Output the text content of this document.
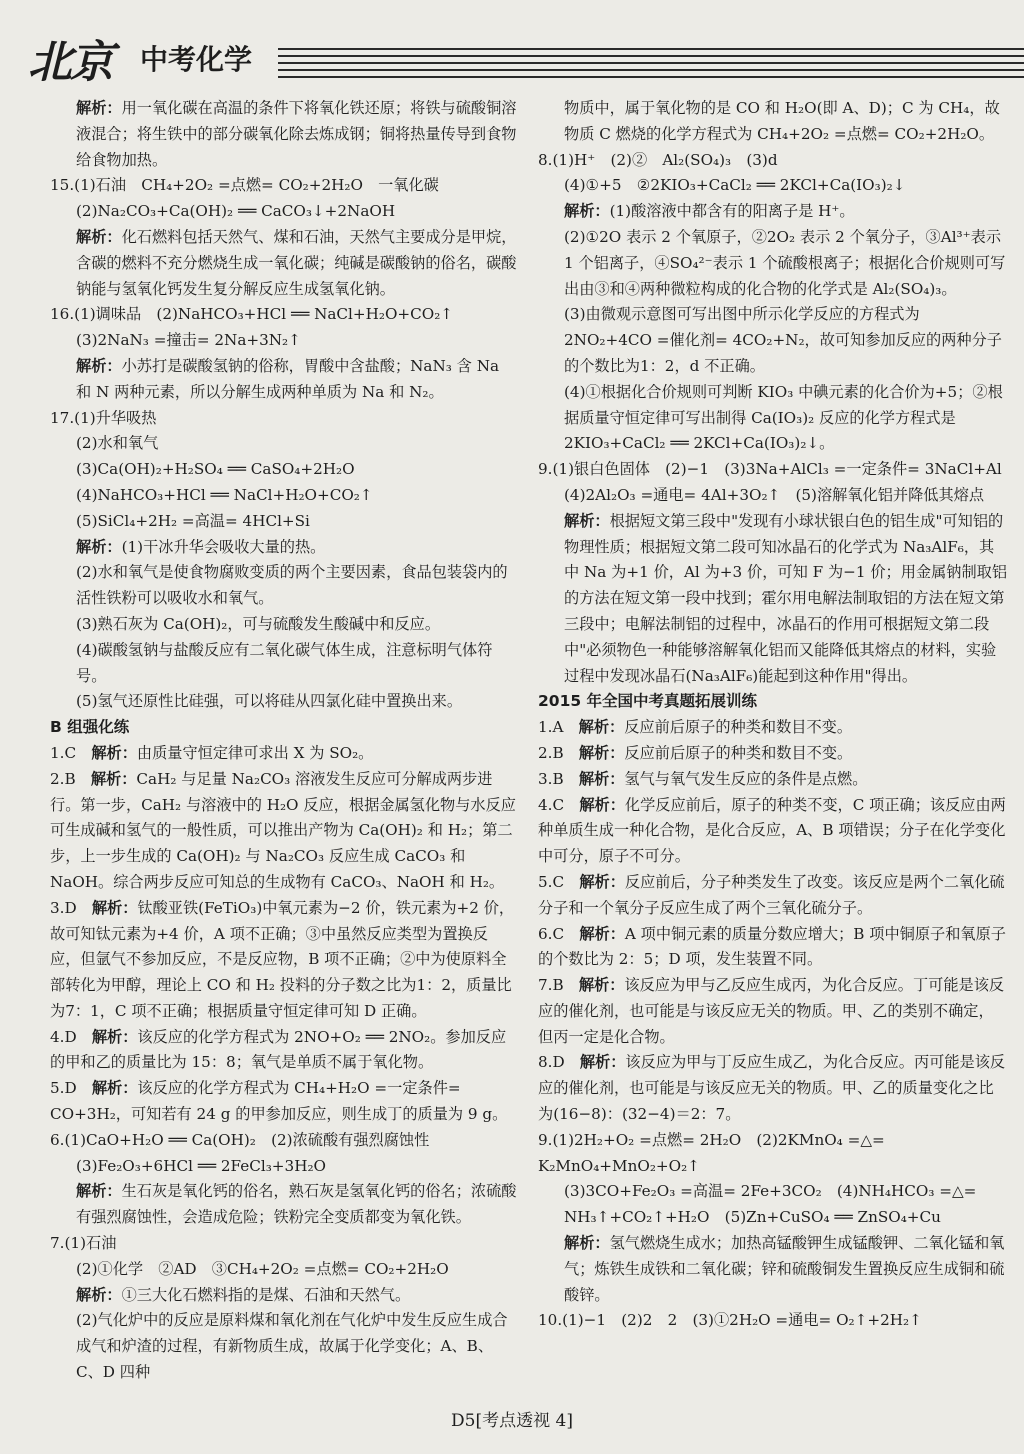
北京 中考化学

解析：用一氧化碳在高温的条件下将氧化铁还原；将铁与硫酸铜溶液混合；将生铁中的部分碳氧化除去炼成钢；铜将热量传导到食物给食物加热。

15.(1)石油　CH₄+2O₂ =点燃= CO₂+2H₂O　一氧化碳

(2)Na₂CO₃+Ca(OH)₂ ══ CaCO₃↓+2NaOH

解析：化石燃料包括天然气、煤和石油，天然气主要成分是甲烷，含碳的燃料不充分燃烧生成一氧化碳；纯碱是碳酸钠的俗名，碳酸钠能与氢氧化钙发生复分解反应生成氢氧化钠。

16.(1)调味品　(2)NaHCO₃+HCl ══ NaCl+H₂O+CO₂↑

(3)2NaN₃ =撞击= 2Na+3N₂↑

解析：小苏打是碳酸氢钠的俗称，胃酸中含盐酸；NaN₃ 含 Na 和 N 两种元素，所以分解生成两种单质为 Na 和 N₂。

17.(1)升华吸热

(2)水和氧气

(3)Ca(OH)₂+H₂SO₄ ══ CaSO₄+2H₂O

(4)NaHCO₃+HCl ══ NaCl+H₂O+CO₂↑

(5)SiCl₄+2H₂ =高温= 4HCl+Si

解析：(1)干冰升华会吸收大量的热。

(2)水和氧气是使食物腐败变质的两个主要因素，食品包装袋内的活性铁粉可以吸收水和氧气。

(3)熟石灰为 Ca(OH)₂，可与硫酸发生酸碱中和反应。

(4)碳酸氢钠与盐酸反应有二氧化碳气体生成，注意标明气体符号。

(5)氢气还原性比硅强，可以将硅从四氯化硅中置换出来。

B 组强化练

1.C　解析：由质量守恒定律可求出 X 为 SO₂。

2.B　解析：CaH₂ 与足量 Na₂CO₃ 溶液发生反应可分解成两步进行。第一步，CaH₂ 与溶液中的 H₂O 反应，根据金属氢化物与水反应可生成碱和氢气的一般性质，可以推出产物为 Ca(OH)₂ 和 H₂；第二步，上一步生成的 Ca(OH)₂ 与 Na₂CO₃ 反应生成 CaCO₃ 和 NaOH。综合两步反应可知总的生成物有 CaCO₃、NaOH 和 H₂。

3.D　解析：钛酸亚铁(FeTiO₃)中氧元素为−2 价，铁元素为+2 价，故可知钛元素为+4 价，A 项不正确；③中虽然反应类型为置换反应，但氩气不参加反应，不是反应物，B 项不正确；②中为使原料全部转化为甲醇，理论上 CO 和 H₂ 投料的分子数之比为1：2，质量比为7：1，C 项不正确；根据质量守恒定律可知 D 正确。

4.D　解析：该反应的化学方程式为 2NO+O₂ ══ 2NO₂。参加反应的甲和乙的质量比为 15：8；氧气是单质不属于氧化物。

5.D　解析：该反应的化学方程式为 CH₄+H₂O =一定条件= CO+3H₂，可知若有 24 g 的甲参加反应，则生成丁的质量为 9 g。

6.(1)CaO+H₂O ══ Ca(OH)₂　(2)浓硫酸有强烈腐蚀性

(3)Fe₂O₃+6HCl ══ 2FeCl₃+3H₂O

解析：生石灰是氧化钙的俗名，熟石灰是氢氧化钙的俗名；浓硫酸有强烈腐蚀性，会造成危险；铁粉完全变质都变为氧化铁。

7.(1)石油

(2)①化学　②AD　③CH₄+2O₂ =点燃= CO₂+2H₂O

解析：①三大化石燃料指的是煤、石油和天然气。

(2)气化炉中的反应是原料煤和氧化剂在气化炉中发生反应生成合成气和炉渣的过程，有新物质生成，故属于化学变化；A、B、C、D 四种

物质中，属于氧化物的是 CO 和 H₂O(即 A、D)；C 为 CH₄，故物质 C 燃烧的化学方程式为 CH₄+2O₂ =点燃= CO₂+2H₂O。

8.(1)H⁺　(2)②　Al₂(SO₄)₃　(3)d

(4)①+5　②2KIO₃+CaCl₂ ══ 2KCl+Ca(IO₃)₂↓

解析：(1)酸溶液中都含有的阳离子是 H⁺。

(2)①2O 表示 2 个氧原子，②2O₂ 表示 2 个氧分子，③Al³⁺表示 1 个铝离子，④SO₄²⁻表示 1 个硫酸根离子；根据化合价规则可写出由③和④两种微粒构成的化合物的化学式是 Al₂(SO₄)₃。

(3)由微观示意图可写出图中所示化学反应的方程式为 2NO₂+4CO =催化剂= 4CO₂+N₂，故可知参加反应的两种分子的个数比为1：2，d 不正确。

(4)①根据化合价规则可判断 KIO₃ 中碘元素的化合价为+5；②根据质量守恒定律可写出制得 Ca(IO₃)₂ 反应的化学方程式是 2KIO₃+CaCl₂ ══ 2KCl+Ca(IO₃)₂↓。

9.(1)银白色固体　(2)−1　(3)3Na+AlCl₃ =一定条件= 3NaCl+Al

(4)2Al₂O₃ =通电= 4Al+3O₂↑　(5)溶解氧化铝并降低其熔点

解析：根据短文第三段中"发现有小球状银白色的铝生成"可知铝的物理性质；根据短文第二段可知冰晶石的化学式为 Na₃AlF₆，其中 Na 为+1 价，Al 为+3 价，可知 F 为−1 价；用金属钠制取铝的方法在短文第一段中找到；霍尔用电解法制取铝的方法在短文第三段中；电解法制铝的过程中，冰晶石的作用可根据短文第二段中"必须物色一种能够溶解氧化铝而又能降低其熔点的材料，实验过程中发现冰晶石(Na₃AlF₆)能起到这种作用"得出。

2015 年全国中考真题拓展训练

1.A　解析：反应前后原子的种类和数目不变。

2.B　解析：反应前后原子的种类和数目不变。

3.B　解析：氢气与氧气发生反应的条件是点燃。

4.C　解析：化学反应前后，原子的种类不变，C 项正确；该反应由两种单质生成一种化合物，是化合反应，A、B 项错误；分子在化学变化中可分，原子不可分。

5.C　解析：反应前后，分子种类发生了改变。该反应是两个二氧化硫分子和一个氧分子反应生成了两个三氧化硫分子。

6.C　解析：A 项中铜元素的质量分数应增大；B 项中铜原子和氧原子的个数比为 2：5；D 项，发生装置不同。

7.B　解析：该反应为甲与乙反应生成丙，为化合反应。丁可能是该反应的催化剂，也可能是与该反应无关的物质。甲、乙的类别不确定，但丙一定是化合物。

8.D　解析：该反应为甲与丁反应生成乙，为化合反应。丙可能是该反应的催化剂，也可能是与该反应无关的物质。甲、乙的质量变化之比为(16−8)：(32−4)＝2：7。

9.(1)2H₂+O₂ =点燃= 2H₂O　(2)2KMnO₄ =△= K₂MnO₄+MnO₂+O₂↑

(3)3CO+Fe₂O₃ =高温= 2Fe+3CO₂　(4)NH₄HCO₃ =△= NH₃↑+CO₂↑+H₂O　(5)Zn+CuSO₄ ══ ZnSO₄+Cu

解析：氢气燃烧生成水；加热高锰酸钾生成锰酸钾、二氧化锰和氧气；炼铁生成铁和二氧化碳；锌和硫酸铜发生置换反应生成铜和硫酸锌。

10.(1)−1　(2)2　2　(3)①2H₂O =通电= O₂↑+2H₂↑

D5[考点透视 4]
